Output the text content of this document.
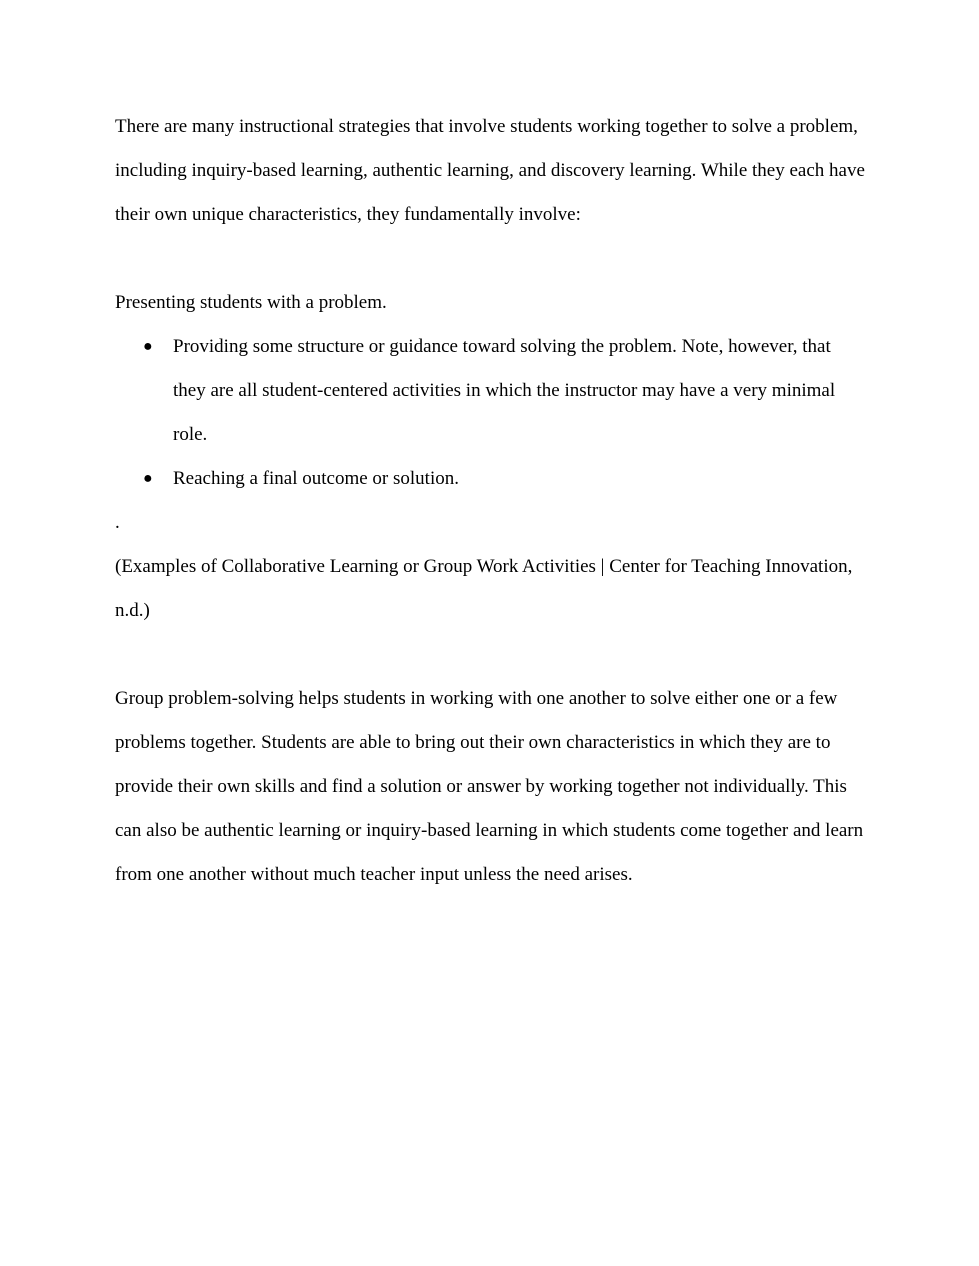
There are many instructional strategies that involve students working together to solve a problem, including inquiry-based learning, authentic learning, and discovery learning. While they each have their own unique characteristics, they fundamentally involve:

Presenting students with a problem.

● Providing some structure or guidance toward solving the problem. Note, however, that they are all student-centered activities in which the instructor may have a very minimal role.
● Reaching a final outcome or solution.

.

(Examples of Collaborative Learning or Group Work Activities | Center for Teaching Innovation, n.d.)

Group problem-solving helps students in working with one another to solve either one or a few problems together. Students are able to bring out their own characteristics in which they are to provide their own skills and find a solution or answer by working together not individually. This can also be authentic learning or inquiry-based learning in which students come together and learn from one another without much teacher input unless the need arises.
